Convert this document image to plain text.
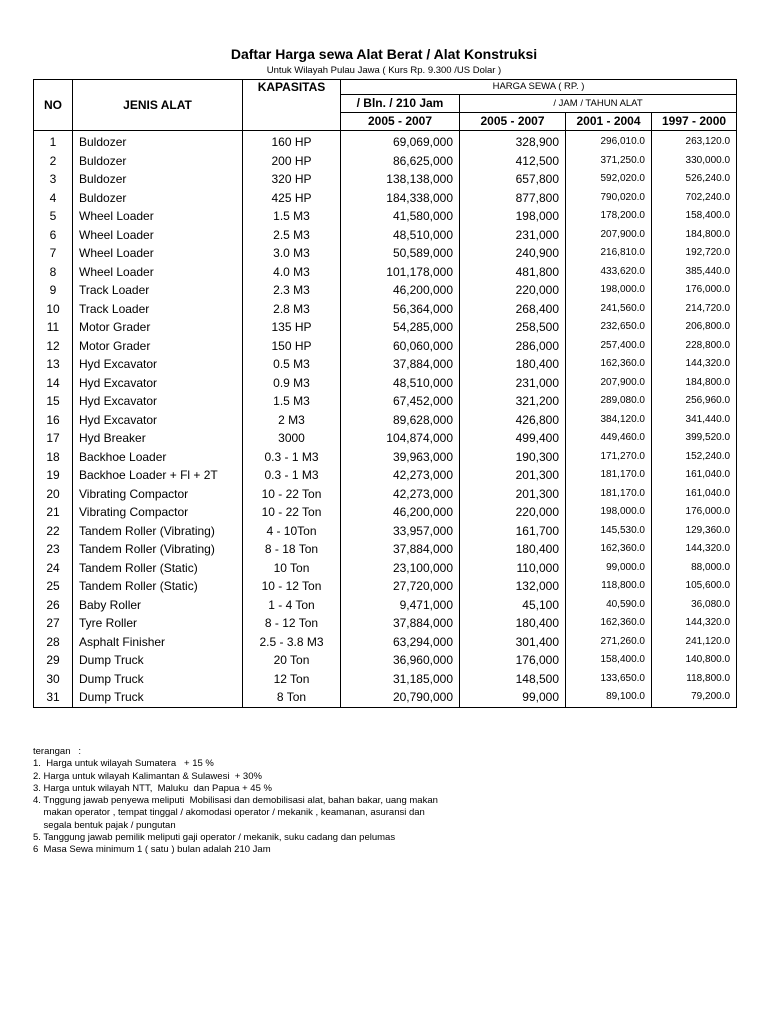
Daftar Harga sewa Alat Berat / Alat Konstruksi
Untuk Wilayah Pulau Jawa ( Kurs Rp. 9.300 /US Dolar )
NO	JENIS ALAT	KAPASITAS	HARGA SEWA ( RP. )			
			/ Bln. / 210 Jam	/ JAM / TAHUN ALAT		
			2005 - 2007	2005 - 2007	2001 - 2004	1997 - 2000
1	Buldozer	160 HP	69,069,000	328,900	296,010.0	263,120.0
2	Buldozer	200 HP	86,625,000	412,500	371,250.0	330,000.0
3	Buldozer	320 HP	138,138,000	657,800	592,020.0	526,240.0
4	Buldozer	425 HP	184,338,000	877,800	790,020.0	702,240.0
5	Wheel Loader	1.5 M3	41,580,000	198,000	178,200.0	158,400.0
6	Wheel Loader	2.5 M3	48,510,000	231,000	207,900.0	184,800.0
7	Wheel Loader	3.0 M3	50,589,000	240,900	216,810.0	192,720.0
8	Wheel Loader	4.0 M3	101,178,000	481,800	433,620.0	385,440.0
9	Track Loader	2.3 M3	46,200,000	220,000	198,000.0	176,000.0
10	Track Loader	2.8 M3	56,364,000	268,400	241,560.0	214,720.0
11	Motor Grader	135 HP	54,285,000	258,500	232,650.0	206,800.0
12	Motor Grader	150 HP	60,060,000	286,000	257,400.0	228,800.0
13	Hyd Excavator	0.5 M3	37,884,000	180,400	162,360.0	144,320.0
14	Hyd Excavator	0.9 M3	48,510,000	231,000	207,900.0	184,800.0
15	Hyd Excavator	1.5 M3	67,452,000	321,200	289,080.0	256,960.0
16	Hyd Excavator	2 M3	89,628,000	426,800	384,120.0	341,440.0
17	Hyd Breaker	3000	104,874,000	499,400	449,460.0	399,520.0
18	Backhoe Loader	0.3 - 1 M3	39,963,000	190,300	171,270.0	152,240.0
19	Backhoe Loader + Fl + 2T	0.3 - 1 M3	42,273,000	201,300	181,170.0	161,040.0
20	Vibrating Compactor	10 - 22 Ton	42,273,000	201,300	181,170.0	161,040.0
21	Vibrating Compactor	10 - 22 Ton	46,200,000	220,000	198,000.0	176,000.0
22	Tandem Roller (Vibrating)	4 - 10Ton	33,957,000	161,700	145,530.0	129,360.0
23	Tandem Roller (Vibrating)	8 - 18 Ton	37,884,000	180,400	162,360.0	144,320.0
24	Tandem Roller (Static)	10 Ton	23,100,000	110,000	99,000.0	88,000.0
25	Tandem Roller (Static)	10 - 12 Ton	27,720,000	132,000	118,800.0	105,600.0
26	Baby Roller	1 - 4 Ton	9,471,000	45,100	40,590.0	36,080.0
27	Tyre Roller	8 - 12 Ton	37,884,000	180,400	162,360.0	144,320.0
28	Asphalt Finisher	2.5 - 3.8 M3	63,294,000	301,400	271,260.0	241,120.0
29	Dump Truck	20 Ton	36,960,000	176,000	158,400.0	140,800.0
30	Dump Truck	12 Ton	31,185,000	148,500	133,650.0	118,800.0
31	Dump Truck	8 Ton	20,790,000	99,000	89,100.0	79,200.0
terangan   :
1.  Harga untuk wilayah Sumatera   + 15 %
2. Harga untuk wilayah Kalimantan & Sulawesi  + 30%
3. Harga untuk wilayah NTT,  Maluku  dan Papua + 45 %
4. Tnggung jawab penyewa meliputi  Mobilisasi dan demobilisasi alat, bahan bakar, uang makan
makan operator , tempat tinggal / akomodasi operator / mekanik , keamanan, asuransi dan
segala bentuk pajak / pungutan
5. Tanggung jawab pemilik meliputi gaji operator / mekanik, suku cadang dan pelumas
6  Masa Sewa minimum 1 ( satu ) bulan adalah 210 Jam
